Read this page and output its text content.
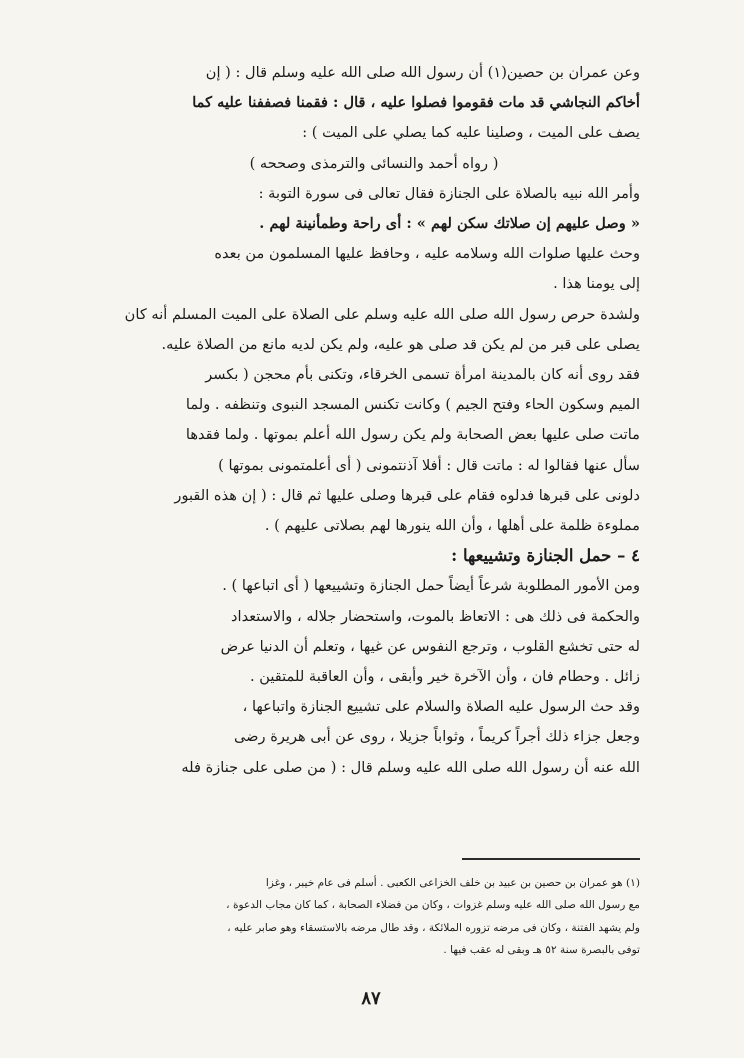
وعن عمران بن حصين(١) أن رسول الله صلى الله عليه وسلم قال : ( إن
أخاكم النجاشي قد مات فقوموا فصلوا عليه ، قال : فقمنا فصففنا عليه كما
يصف على الميت ، وصلينا عليه كما يصلي على الميت ) :
( رواه أحمد والنسائى والترمذى وصححه )
وأمر الله نبيه بالصلاة على الجنازة فقال تعالى فى سورة التوبة :
« وصل عليهم إن صلاتك سكن لهم » : أى راحة وطمأنينة لهم .
وحث عليها صلوات الله وسلامه عليه ، وحافظ عليها المسلمون من بعده
إلى يومنا هذا .
ولشدة حرص رسول الله صلى الله عليه وسلم على الصلاة على الميت المسلم أنه كان
يصلى على قبر من لم يكن قد صلى هو عليه، ولم يكن لديه مانع من الصلاة عليه.
فقد روى أنه كان بالمدينة امرأة تسمى الخرقاء، وتكنى بأم محجن ( بكسر
الميم وسكون الحاء وفتح الجيم ) وكانت تكنس المسجد النبوى وتنظفه . ولما
ماتت صلى عليها بعض الصحابة ولم يكن رسول الله أعلم بموتها . ولما فقدها
سأل عنها فقالوا له : ماتت قال : أفلا آذنتمونى ( أى أعلمتمونى بموتها )
دلونى على قبرها فدلوه فقام على قبرها وصلى عليها ثم قال : ( إن هذه القبور
مملوءة ظلمة على أهلها ، وأن الله ينورها لهم بصلاتى عليهم ) .
٤ – حمل الجنازة وتشييعها :
ومن الأمور المطلوبة شرعاً أيضاً حمل الجنازة وتشييعها ( أى اتباعها ) .
والحكمة فى ذلك هى : الاتعاظ بالموت، واستحضار جلاله ، والاستعداد
له حتى تخشع القلوب ، وترجع النفوس عن غيها ، وتعلم أن الدنيا عرض
زائل . وحطام فان ، وأن الآخرة خير وأبقى ، وأن العاقبة للمتقين .
وقد حث الرسول عليه الصلاة والسلام على تشييع الجنازة واتباعها ،
وجعل جزاء ذلك أجراً كريماً ، وثواباً جزيلا ، روى عن أبى هريرة رضى
الله عنه أن رسول الله صلى الله عليه وسلم قال : ( من صلى على جنازة فله
(١) هو عمران بن حصين بن عبيد بن خلف الخزاعى الكعبى . أسلم فى عام خيبر ، وغزا
مع رسول الله صلى الله عليه وسلم غزوات ، وكان من فضلاء الصحابة ، كما كان مجاب الدعوة ،
ولم يشهد الفتنة ، وكان فى مرضه تزوره الملائكة ، وقد طال مرضه بالاستسقاء وهو صابر عليه ،
توفى بالبصرة سنة ٥٢ هـ وبقى له عقب فيها .
٨٧
